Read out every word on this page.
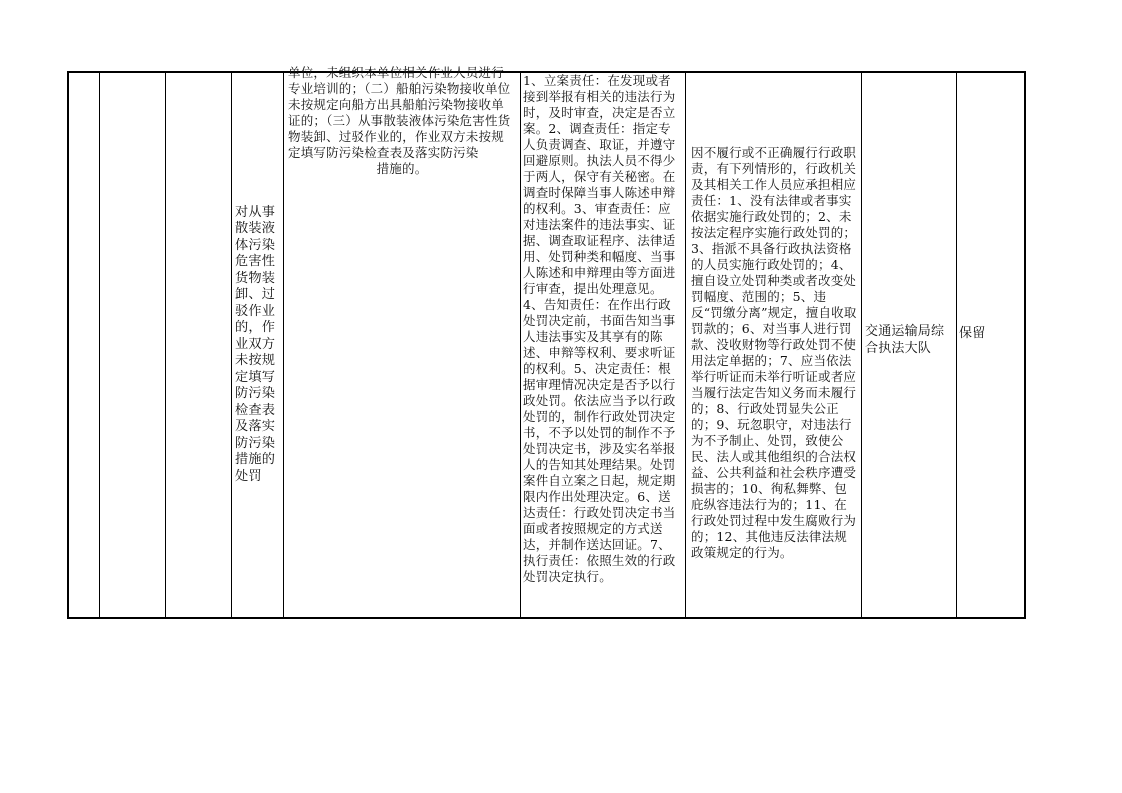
对从事散装液体污染危害性货物装卸、过驳作业的，作业双方未按规定填写防污染检查表及落实防污染措施的处罚
单位，未组织本单位相关作业人员进行专业培训的；（二）船舶污染物接收单位未按规定向船方出具船舶污染物接收单证的；（三）从事散装液体污染危害性货物装卸、过驳作业的，作业双方未按规定填写防污染检查表及落实防污染
措施的。
1、立案责任：在发现或者接到举报有相关的违法行为时，及时审查，决定是否立案。2、调查责任：指定专人负责调查、取证，并遵守回避原则。执法人员不得少于两人，保守有关秘密。在调查时保障当事人陈述申辩的权利。3、审查责任：应对违法案件的违法事实、证据、调查取证程序、法律适用、处罚种类和幅度、当事人陈述和申辩理由等方面进行审查，提出处理意见。4、告知责任：在作出行政处罚决定前，书面告知当事人违法事实及其享有的陈述、申辩等权利、要求听证的权利。5、决定责任：根据审理情况决定是否予以行政处罚。依法应当予以行政处罚的，制作行政处罚决定书，不予以处罚的制作不予处罚决定书，涉及实名举报人的告知其处理结果。处罚案件自立案之日起，规定期限内作出处理决定。6、送达责任：行政处罚决定书当面或者按照规定的方式送达，并制作送达回证。7、执行责任：依照生效的行政处罚决定执行。
因不履行或不正确履行行政职责，有下列情形的，行政机关及其相关工作人员应承担相应责任：1、没有法律或者事实依据实施行政处罚的；2、未按法定程序实施行政处罚的；3、指派不具备行政执法资格的人员实施行政处罚的；4、擅自设立处罚种类或者改变处罚幅度、范围的；5、违反“罚缴分离”规定，擅自收取罚款的；6、对当事人进行罚款、没收财物等行政处罚不使用法定单据的；7、应当依法举行听证而未举行听证或者应当履行法定告知义务而未履行的；8、行政处罚显失公正的；9、玩忽职守，对违法行为不予制止、处罚，致使公民、法人或其他组织的合法权益、公共利益和社会秩序遭受损害的；10、徇私舞弊、包庇纵容违法行为的；11、在行政处罚过程中发生腐败行为的；12、其他违反法律法规政策规定的行为。
交通运输局综合执法大队
保留
